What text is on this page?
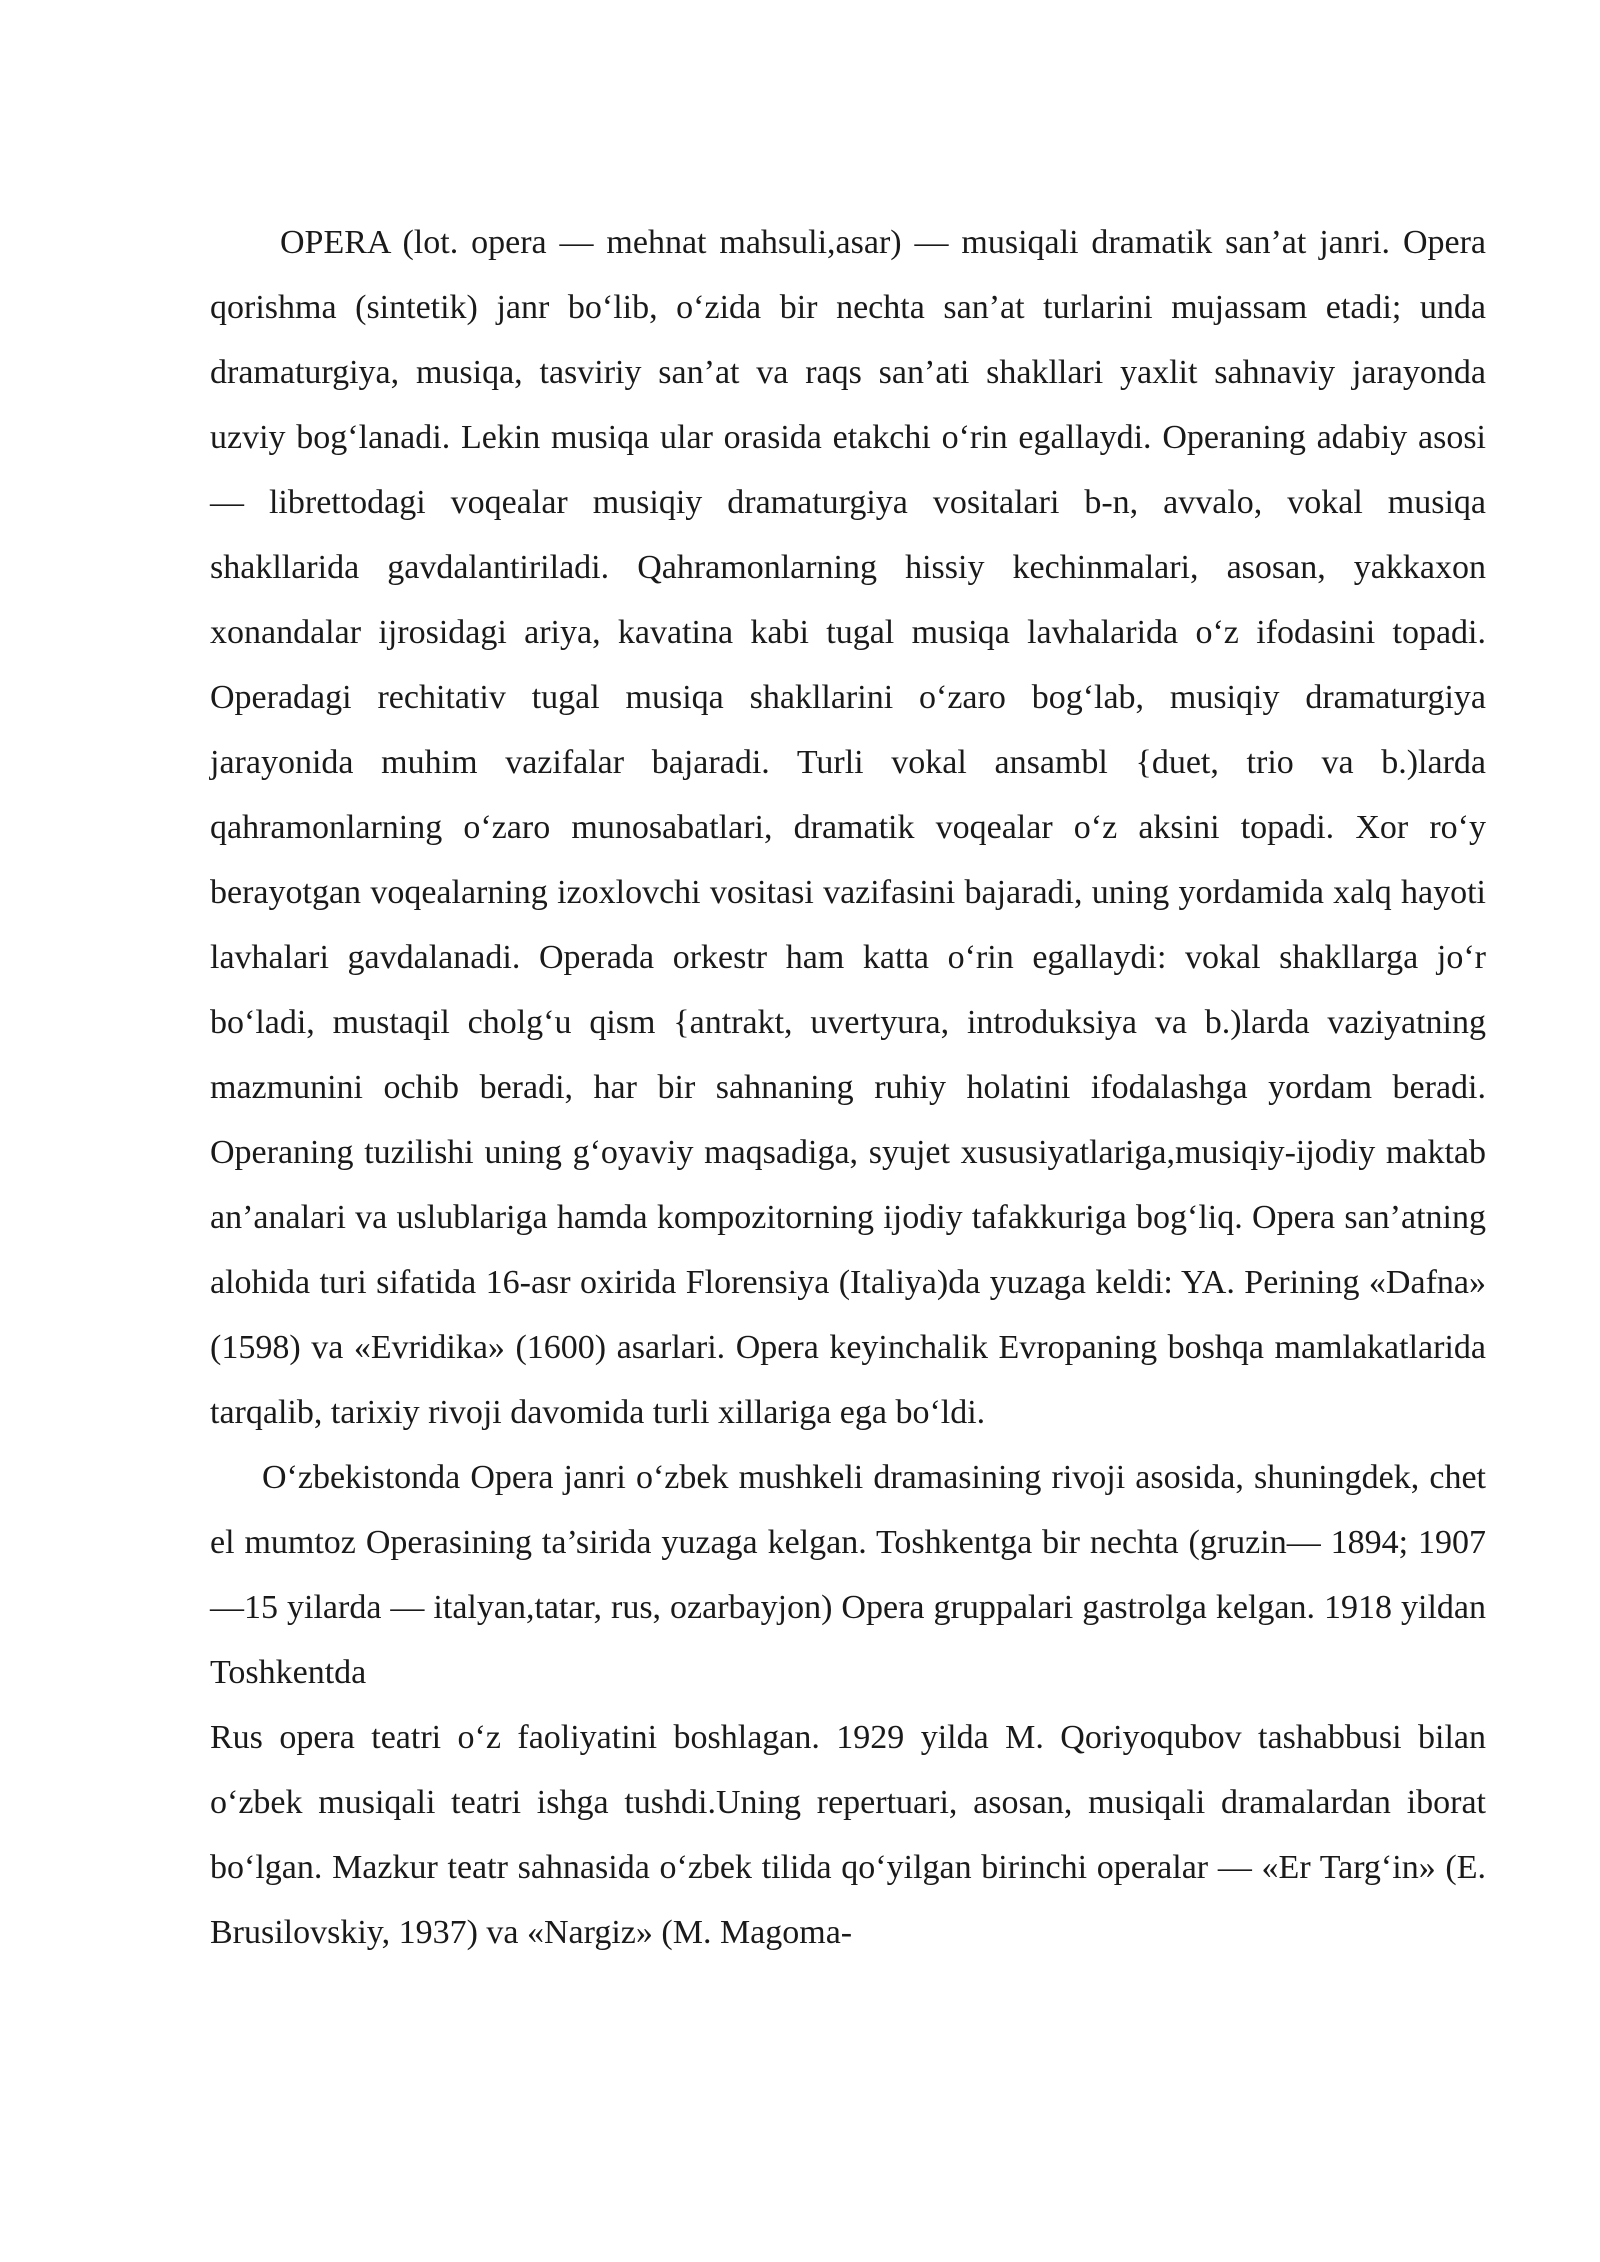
OPERA (lot. opera — mehnat mahsuli,asar) — musiqali dramatik san’at janri. Opera qorishma (sintetik) janr bo‘lib, o‘zida bir nechta san’at turlarini mujassam etadi; unda dramaturgiya, musiqa, tasviriy san’at va raqs san’ati shakllari yaxlit sahnaviy jarayonda uzviy bog‘lanadi. Lekin musiqa ular orasida etakchi o‘rin egallaydi. Operaning adabiy asosi — librettodagi voqealar musiqiy dramaturgiya vositalari b-n, avvalo, vokal musiqa shakllarida gavdalantiriladi. Qahramonlarning hissiy kechinmalari, asosan, yakkaxon xonandalar ijrosidagi ariya, kavatina kabi tugal musiqa lavhalarida o‘z ifodasini topadi. Operadagi rechitativ tugal musiqa shakllarini o‘zaro bog‘lab, musiqiy dramaturgiya jarayonida muhim vazifalar bajaradi. Turli vokal ansambl {duet, trio va b.)larda qahramonlarning o‘zaro munosabatlari, dramatik voqealar o‘z aksini topadi. Xor ro‘y berayotgan voqealarning izoxlovchi vositasi vazifasini bajaradi, uning yordamida xalq hayoti lavhalari gavdalanadi. Operada orkestr ham katta o‘rin egallaydi: vokal shakllarga jo‘r bo‘ladi, mustaqil cholg‘u qism {antrakt, uvertyura, introduksiya va b.)larda vaziyatning mazmunini ochib beradi, har bir sahnaning ruhiy holatini ifodalashga yordam beradi. Operaning tuzilishi uning g‘oyaviy maqsadiga, syujet xususiyatlariga,musiqiy-ijodiy maktab an’analari va uslublariga hamda kompozitorning ijodiy tafakkuriga bog‘liq. Opera san’atning alohida turi sifatida 16-asr oxirida Florensiya (Italiya)da yuzaga keldi: YA. Perining «Dafna» (1598) va «Evridika» (1600) asarlari. Opera keyinchalik Evropaning boshqa mamlakatlarida tarqalib, tarixiy rivoji davomida turli xillariga ega bo‘ldi.

O‘zbekistonda Opera janri o‘zbek mushkeli dramasining rivoji asosida, shuningdek, chet el mumtoz Operasining ta’sirida yuzaga kelgan. Toshkentga bir nechta (gruzin— 1894; 1907—15 yilarda — italyan,tatar, rus, ozarbayjon) Opera gruppalari gastrolga kelgan. 1918 yildan Toshkentda

Rus opera teatri o‘z faoliyatini boshlagan. 1929 yilda M. Qoriyoqubov tashabbusi bilan o‘zbek musiqali teatri ishga tushdi.Uning repertuari, asosan, musiqali dramalardan iborat bo‘lgan. Mazkur teatr sahnasida o‘zbek tilida qo‘yilgan birinchi operalar — «Er Targ‘in» (E. Brusilovskiy, 1937) va «Nargiz» (M. Magoma-
